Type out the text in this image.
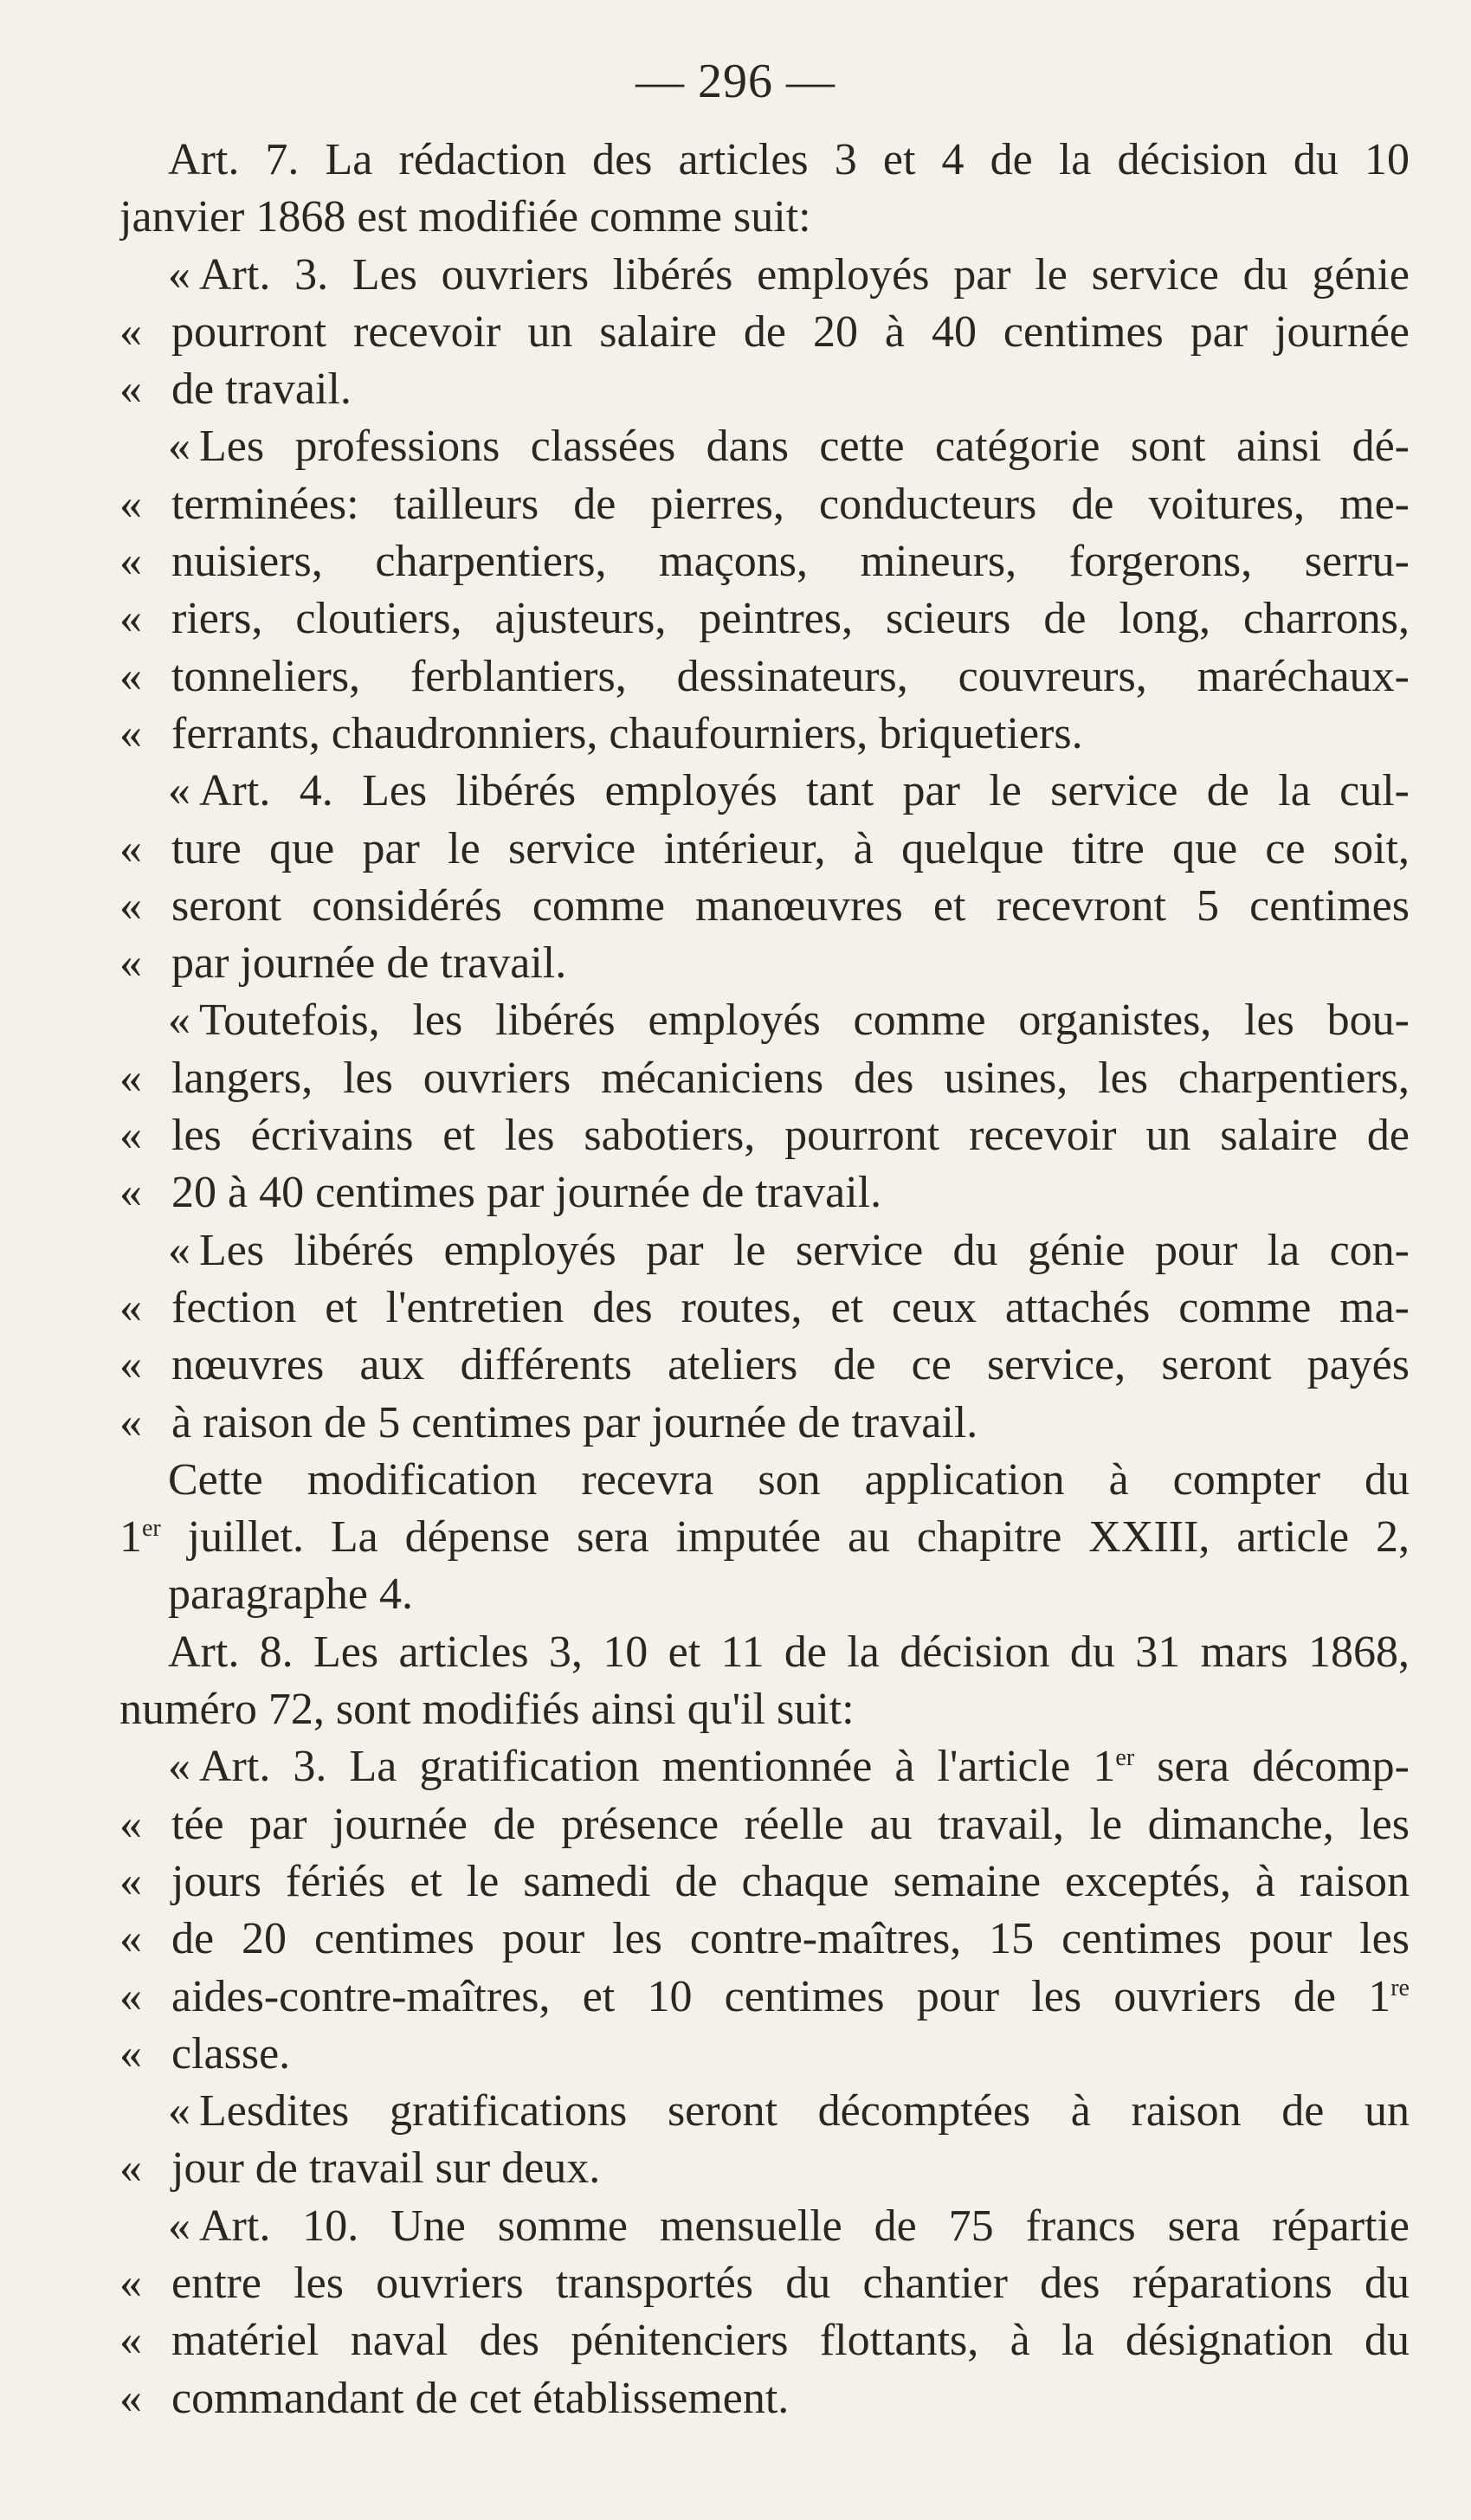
— 296 —
Art. 7. La rédaction des articles 3 et 4 de la décision du 10
janvier 1868 est modifiée comme suit:
« Art. 3. Les ouvriers libérés employés par le service du génie
« pourront recevoir un salaire de 20 à 40 centimes par journée
« de travail.
« Les professions classées dans cette catégorie sont ainsi dé-
« terminées: tailleurs de pierres, conducteurs de voitures, me-
« nuisiers, charpentiers, maçons, mineurs, forgerons, serru-
« riers, cloutiers, ajusteurs, peintres, scieurs de long, charrons,
« tonneliers, ferblantiers, dessinateurs, couvreurs, maréchaux-
« ferrants, chaudronniers, chaufourniers, briquetiers.
« Art. 4. Les libérés employés tant par le service de la cul-
« ture que par le service intérieur, à quelque titre que ce soit,
« seront considérés comme manœuvres et recevront 5 centimes
« par journée de travail.
« Toutefois, les libérés employés comme organistes, les bou-
« langers, les ouvriers mécaniciens des usines, les charpentiers,
« les écrivains et les sabotiers, pourront recevoir un salaire de
« 20 à 40 centimes par journée de travail.
« Les libérés employés par le service du génie pour la con-
« fection et l'entretien des routes, et ceux attachés comme ma-
« nœuvres aux différents ateliers de ce service, seront payés
« à raison de 5 centimes par journée de travail.
Cette modification recevra son application à compter du
1er juillet. La dépense sera imputée au chapitre XXIII, article 2,
paragraphe 4.
Art. 8. Les articles 3, 10 et 11 de la décision du 31 mars 1868,
numéro 72, sont modifiés ainsi qu'il suit:
« Art. 3. La gratification mentionnée à l'article 1er sera décomp-
« tée par journée de présence réelle au travail, le dimanche, les
« jours fériés et le samedi de chaque semaine exceptés, à raison
« de 20 centimes pour les contre-maîtres, 15 centimes pour les
« aides-contre-maîtres, et 10 centimes pour les ouvriers de 1re
« classe.
« Lesdites gratifications seront décomptées à raison de un
« jour de travail sur deux.
« Art. 10. Une somme mensuelle de 75 francs sera répartie
« entre les ouvriers transportés du chantier des réparations du
« matériel naval des pénitenciers flottants, à la désignation du
« commandant de cet établissement.
